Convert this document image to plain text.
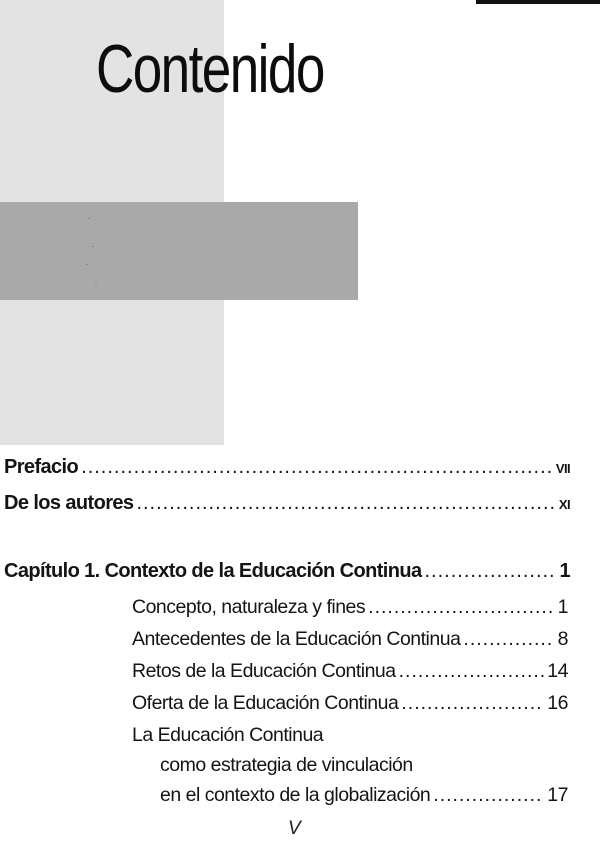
Contenido
Prefacio .....	VII
De los autores .....	XI
Capítulo 1. Contexto de la Educación Continua .....	1
Concepto, naturaleza y fines .....	1
Antecedentes de la Educación Continua .....	8
Retos de la Educación Continua .....	14
Oferta de la Educación Continua .....	16
La Educación Continua
como estrategia de vinculación
en el contexto de la globalización .....	17
V
